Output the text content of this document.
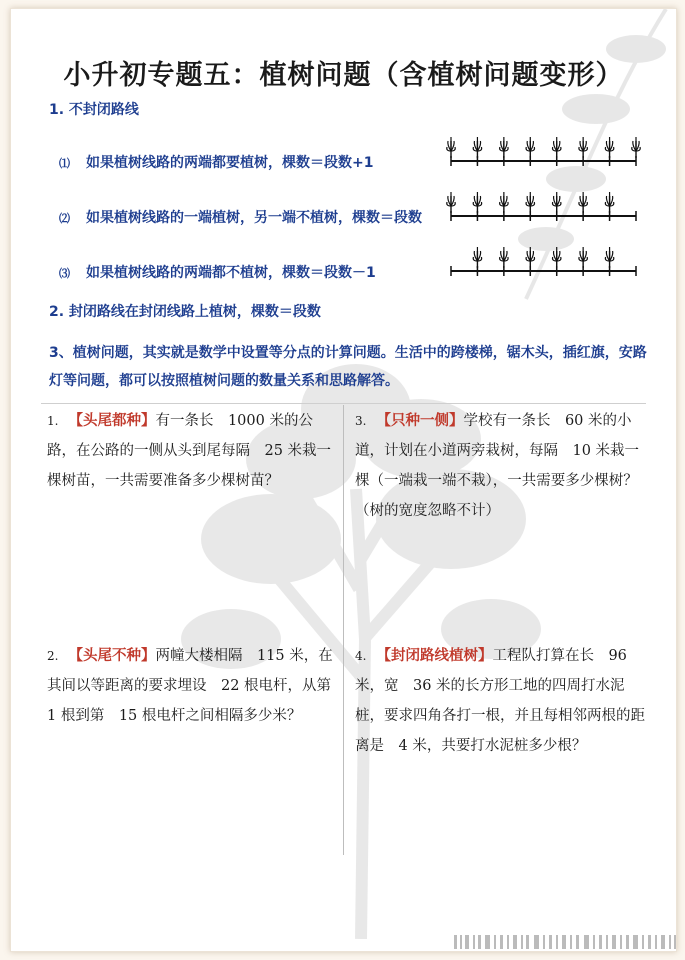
小升初专题五：植树问题（含植树问题变形）
1. 不封闭路线
⑴ 如果植树线路的两端都要植树，棵数＝段数+1
⑵ 如果植树线路的一端植树，另一端不植树，棵数＝段数
⑶ 如果植树线路的两端都不植树，棵数＝段数－1
2. 封闭路线在封闭线路上植树，棵数＝段数
3、植树问题，其实就是数学中设置等分点的计算问题。生活中的跨楼梯，锯木头，插红旗，安路灯等问题，都可以按照植树问题的数量关系和思路解答。
1. 【头尾都种】有一条长　1000 米的公路，在公路的一侧从头到尾每隔　25 米栽一棵树苗，一共需要准备多少棵树苗？
2. 【头尾不种】两幢大楼相隔　115 米，在其间以等距离的要求埋设　22 根电杆，从第　1 根到第　15 根电杆之间相隔多少米？
3. 【只种一侧】学校有一条长　60 米的小道，计划在小道两旁栽树，每隔　10 米栽一棵（一端栽一端不栽），一共需要多少棵树？（树的宽度忽略不计）
4. 【封闭路线植树】工程队打算在长　96 米，宽　36 米的长方形工地的四周打水泥桩，要求四角各打一根，并且每相邻两根的距离是　4 米，共要打水泥桩多少根？
